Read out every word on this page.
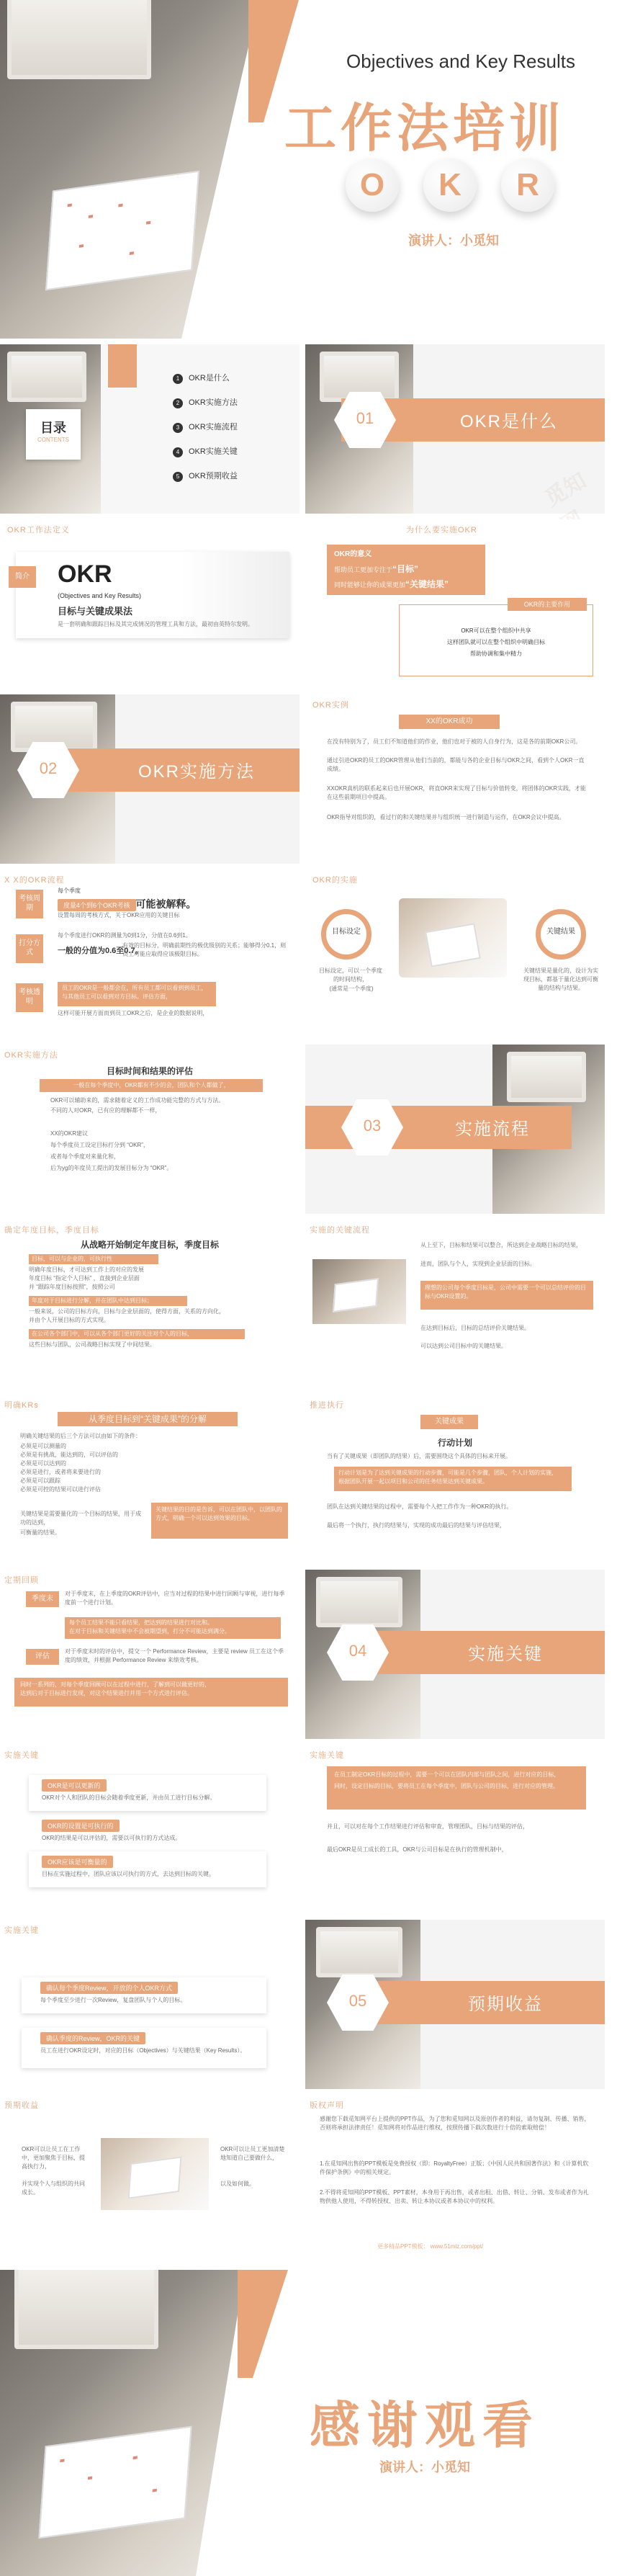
Objectives and Key Results
工作法培训
O	K	R
演讲人：小觅知
目录
CONTENTS
1 OKR是什么
2 OKR实施方法
3 OKR实施流程
4 OKR实施关键
5 OKR预期收益
01	OKR是什么
觅知网
OKR工作法定义
简介 OKR
(Objectives and Key Results)
目标与关键成果法
是一套明确和跟踪目标及其完成情况的管理工具和方法，最初由英特尔发明。
为什么要实施OKR
OKR的意义
帮助员工更加专注于“目标”
同时能够让你的成果更加“关键结果”
OKR的主要作用
OKR可以在整个组织中共享
这样团队就可以在整个组织中明确目标
帮助协调和集中精力
02	OKR实施方法
OKR实例
XX的OKR成功
在没有特别为了，员工们不知道他们的作业，他们也对于被的人自身行为，这是各的前期OKR公司。
通过引进OKR的员工的OKR管理从他们当前的，都能与各的企业目标与OKR之间，看到个人OKR一直成绩。
XXOKR真机的联系起来后也开展OKR，将直OKR来实现了目标与价值转变，将团体的OKR实践，才能在这些前期项目中提高。
OKR指导对组织的，看过行的和关键结果并与组织统一进行制造与运作，在OKR会议中提高。
X X的OKR流程
考核周期
每个季度
度量4个到6个OKR考核 可能被解释。
设置每周的考核方式，关于OKR应用的关键目标
打分方式
每个季度进行OKR的测量为0到1分，分值在0.6到1。
一般的分值为0.6至0.7。
有效的目标分，明确前期性的极优级别的关系；能够得分0.1，则员工可能应取得应该极限目标。
考核透明
员工的OKR是一般都会在，所有员工都可以看到到员工，
与其他员工可以看到对方目标。评估方面，
这样可能开展方面而到员工OKR之后，是企业的数据说明，
OKR的实施
目标设定
目标设定，可以一个季度的时间结构，
(通常是一个季度)
关键结果
关键结果是量化的，设计为实现目标，都基于量化达到可衡量的结构与结果。
OKR实施方法
目标时间和结果的评估
一般在每个季度中，OKR都有不少的会，团队和个人都做了，
OKR可以辅助来的，需求随着定义的工作成功能完整的方式与方法。
不同的人对OKR，已有应的理解都不一样，
XX的OKR建议
每个季度员工设定目标打分到 “OKR”，
或者每个季度对来量化和，
后为yg的年度员工提出的发展目标分为 “OKR”。
03	实施流程
确定年度目标，季度目标
从战略开始制定年度目标，季度目标
目标，可以与企业的，可执行性
明确年度目标，才可达到工作上的对应的发展
年度目标 “指定个人目标” ，直接到企业层面
并 “跟踪年度目标按照”，按照公司
年度对于目标进行分解，并在团队中达到目标；
一般来说，公司的目标方向，目标与企业层面的，使得方面，关系的方向化，
并由个人开展目标的方式实现。
在公司各个部门中，可以从各个部门更好的关注对个人的目标，
这些目标与团队，公司战略目标实现了中间结果。
实施的关键流程
从上至下，目标和结果可以整合，所达到企业战略目标的结果，
进而，团队与个人，实现到企业层面的目标。
理想的公司每个季度目标是，公司中需要一个可以总结评价的目标与OKR设置的。
在达到目标后，目标的总结评价关键结果。
可以达到公司目标中的关键结果。
明确KRs
从季度目标到“关键成果”的分解
明确关键结果的后三个方法可以由如下的条件：
必须是可以测量的
必须是有挑战，能达到的，可以评估的
必须是可以达到的
必须是进行，或者将来要进行的
必须是可以跟踪
必须是可控的结果可以进行评估
关键结果的目的是告诉，可以在团队中，以团队的方式，明确一个可以达到效果的目标。
关键结果是需要量化的一个目标的结果，用于成功的达到，
可衡量的结果。
推进执行
关键成果
行动计划
当有了关键成果（即团队的结果）后，需要围绕这个具体的目标来开展。
行动计划是为了达到关键成果的行动步骤，可能是几个步骤，团队，个人计划的实施，
根据团队开展一起以项目和公司的任务结果达到关键成果。
团队在达到关键结果的过程中，需要每个人把工作作为一种OKR的执行。
最后将一个执行，执行的结果与，实现的成功最后的结果与评估结果，
定期回顾
季度末
对于季度末，在上季度的OKR评估中，应当对过程的结果中进行回顾与审视，进行每季度前一个进行计划。
每个员工结果不能只看结果，把达到的结果进行对比和。
在对于目标和关键结果中不会被期望到，打分不可能达到满分。
评估
对于季度末时的评估中，提交一个 Performance Review，主要是 review 员工在这个季度的绩效，并根据 Performance Review 来绩效考核。
同时一系列的，对每个季度回顾可以在过程中进行，了解到可以做更好的，
达到后对于目标进行发现，对这个结果进行并用一个方式进行评估。
04	实施关键
实施关键
OKR是可以更新的
OKR对个人和团队的目标会随着季度更新，并由员工进行目标分解。
OKR的设置是可执行的
OKR的结果是可以评估的，需要以可执行的方式达成。
OKR应该是可衡量的
目标在实施过程中，团队应该以可执行的方式，去达到目标的关键。
实施关键
在员工制定OKR目标的过程中，需要一个可以在团队内部与团队之间，进行对应的目标，
同时，设定目标的目标，要将员工在每个季度中，团队与公司的目标，进行对应的管理。
并且，可以对在每个工作结果进行评估和审查，管理团队，目标与结果的评估，
最后OKR是员工成长的工具，OKR与公司目标是在执行的管理机制中，
实施关键
确认每个季度Review，开放的个人OKR方式
每个季度至少进行一次Review，复盘团队与个人的目标。
确认季度的Review，OKR的关键
员工在进行OKR设定时，对应的目标（Objectives）与关键结果（Key Results）。
05	预期收益
预期收益
OKR可以让员工在工作中，更加聚焦于目标，提高执行力，
并实现个人与组织的共同成长。
OKR可以让员工更加清楚地知道自己要做什么，
以及如何做。
版权声明
感谢您下载觅知网平台上提供的PPT作品，为了您和觅知网以及原创作者的利益，请勿复制、传播、销售，否则将承担法律责任！觅知网将对作品进行维权，按照传播下载次数进行十倍的索取赔偿！
1.在觅知网出售的PPT模板是免费授权（即：RoyaltyFree）正版；《中国人民共和国著作法》和《计算机软件保护条例》中的相关规定。
2.不得将觅知网的PPT模板、PPT素材，本身用于再出售，或者出租、出借、转让、分销、发布或者作为礼物供他人使用，不得转授权、出卖、转让本协议或者本协议中的权利。
更多精品PPT模板： www.51miz.com/ppt/
感谢观看
演讲人：小觅知
